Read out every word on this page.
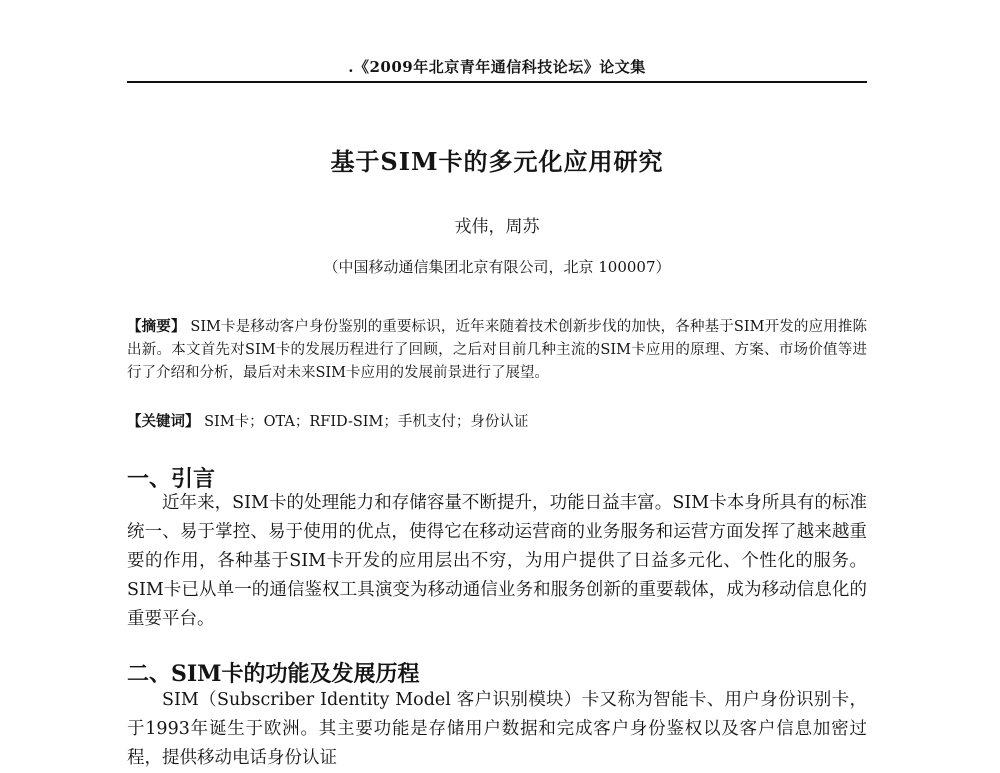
.《2009年北京青年通信科技论坛》论文集
基于SIM卡的多元化应用研究
戎伟，周苏
（中国移动通信集团北京有限公司，北京 100007）
【摘要】 SIM卡是移动客户身份鉴别的重要标识，近年来随着技术创新步伐的加快，各种基于SIM开发的应用推陈出新。本文首先对SIM卡的发展历程进行了回顾，之后对目前几种主流的SIM卡应用的原理、方案、市场价值等进行了介绍和分析，最后对未来SIM卡应用的发展前景进行了展望。
【关键词】 SIM卡；OTA；RFID-SIM；手机支付；身份认证
一、引言
近年来，SIM卡的处理能力和存储容量不断提升，功能日益丰富。SIM卡本身所具有的标准统一、易于掌控、易于使用的优点，使得它在移动运营商的业务服务和运营方面发挥了越来越重要的作用，各种基于SIM卡开发的应用层出不穷，为用户提供了日益多元化、个性化的服务。SIM卡已从单一的通信鉴权工具演变为移动通信业务和服务创新的重要载体，成为移动信息化的重要平台。
二、SIM卡的功能及发展历程
SIM（Subscriber Identity Model 客户识别模块）卡又称为智能卡、用户身份识别卡，于1993年诞生于欧洲。其主要功能是存储用户数据和完成客户身份鉴权以及客户信息加密过程，提供移动电话身份认证
